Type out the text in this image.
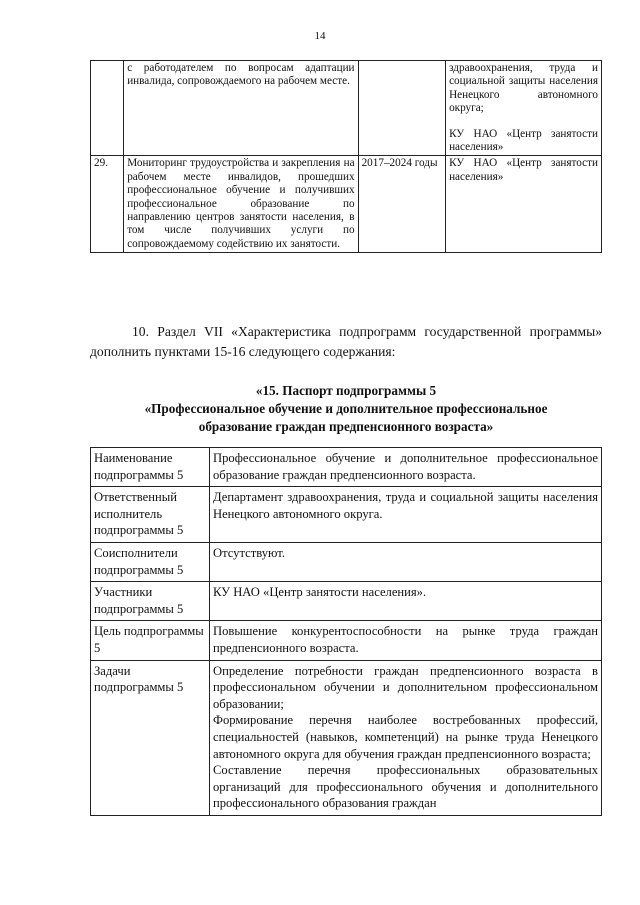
14
	с работодателем по вопросам адаптации инвалида, сопровождаемого на рабочем месте.		здравоохранения, труда и социальной защиты населения Ненецкого автономного округа;

КУ НАО «Центр занятости населения»

29.	Мониторинг трудоустройства и закрепления на рабочем месте инвалидов, прошедших профессиональное обучение и получивших профессиональное образование по направлению центров занятости населения, в том числе получивших услуги по сопровождаемому содействию их занятости.	2017–2024 годы	КУ НАО «Центр занятости населения»

10. Раздел VII «Характеристика подпрограмм государственной программы» дополнить пунктами 15-16 следующего содержания:

«15. Паспорт подпрограммы 5
«Профессиональное обучение и дополнительное профессиональное
образование граждан предпенсионного возраста»
Наименование подпрограммы 5	Профессиональное обучение и дополнительное профессиональное образование граждан предпенсионного возраста.

Ответственный исполнитель подпрограммы 5	Департамент здравоохранения, труда и социальной защиты населения Ненецкого автономного округа.

Соисполнители подпрограммы 5	Отсутствуют.

Участники подпрограммы 5	КУ НАО «Центр занятости населения».

Цель подпрограммы 5	Повышение конкурентоспособности на рынке труда граждан предпенсионного возраста.

Задачи подпрограммы 5	Определение потребности граждан предпенсионного возраста в профессиональном обучении и дополнительном профессиональном образовании;

Формирование перечня наиболее востребованных профессий, специальностей (навыков, компетенций) на рынке труда Ненецкого автономного округа для обучения граждан предпенсионного возраста;

Составление перечня профессиональных образовательных организаций для профессионального обучения и дополнительного профессионального образования граждан
